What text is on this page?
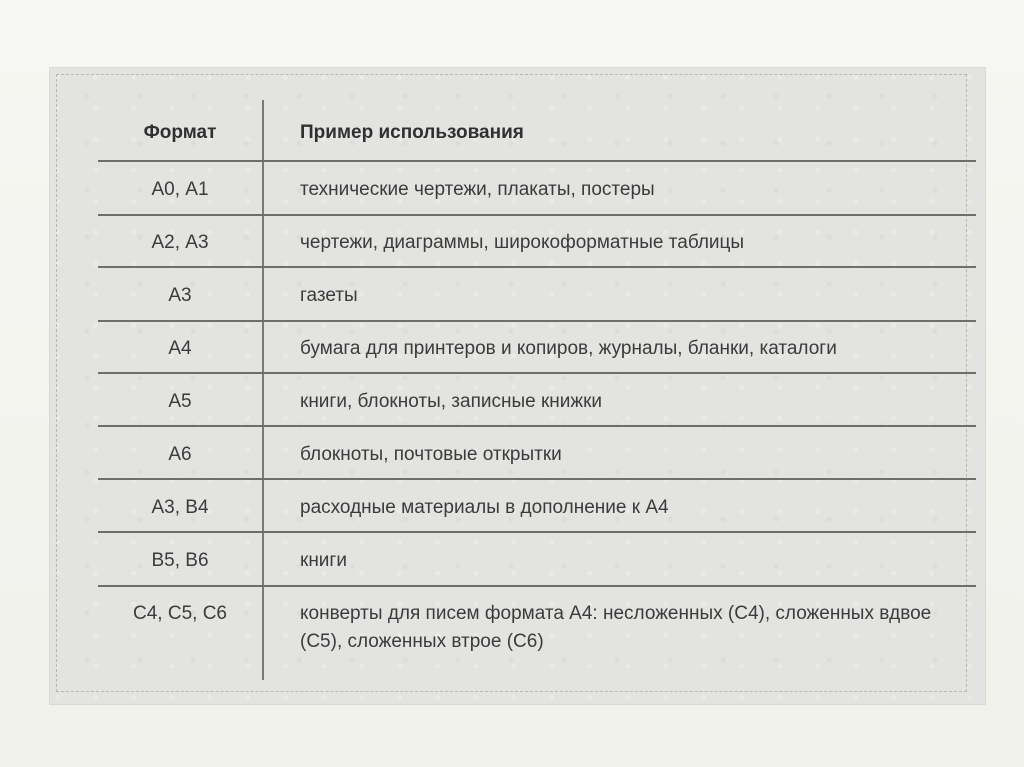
Формат	Пример использования
А0, А1	технические чертежи, плакаты, постеры
А2, А3	чертежи, диаграммы, широкоформатные таблицы
А3	газеты
А4	бумага для принтеров и копиров, журналы, бланки, каталоги
А5	книги, блокноты, записные книжки
А6	блокноты, почтовые открытки
А3, В4	расходные материалы в дополнение к А4
В5, В6	книги
С4, С5, С6	конверты для писем формата А4: несложенных (С4), сложенных вдвое (С5), сложенных втрое (С6)
